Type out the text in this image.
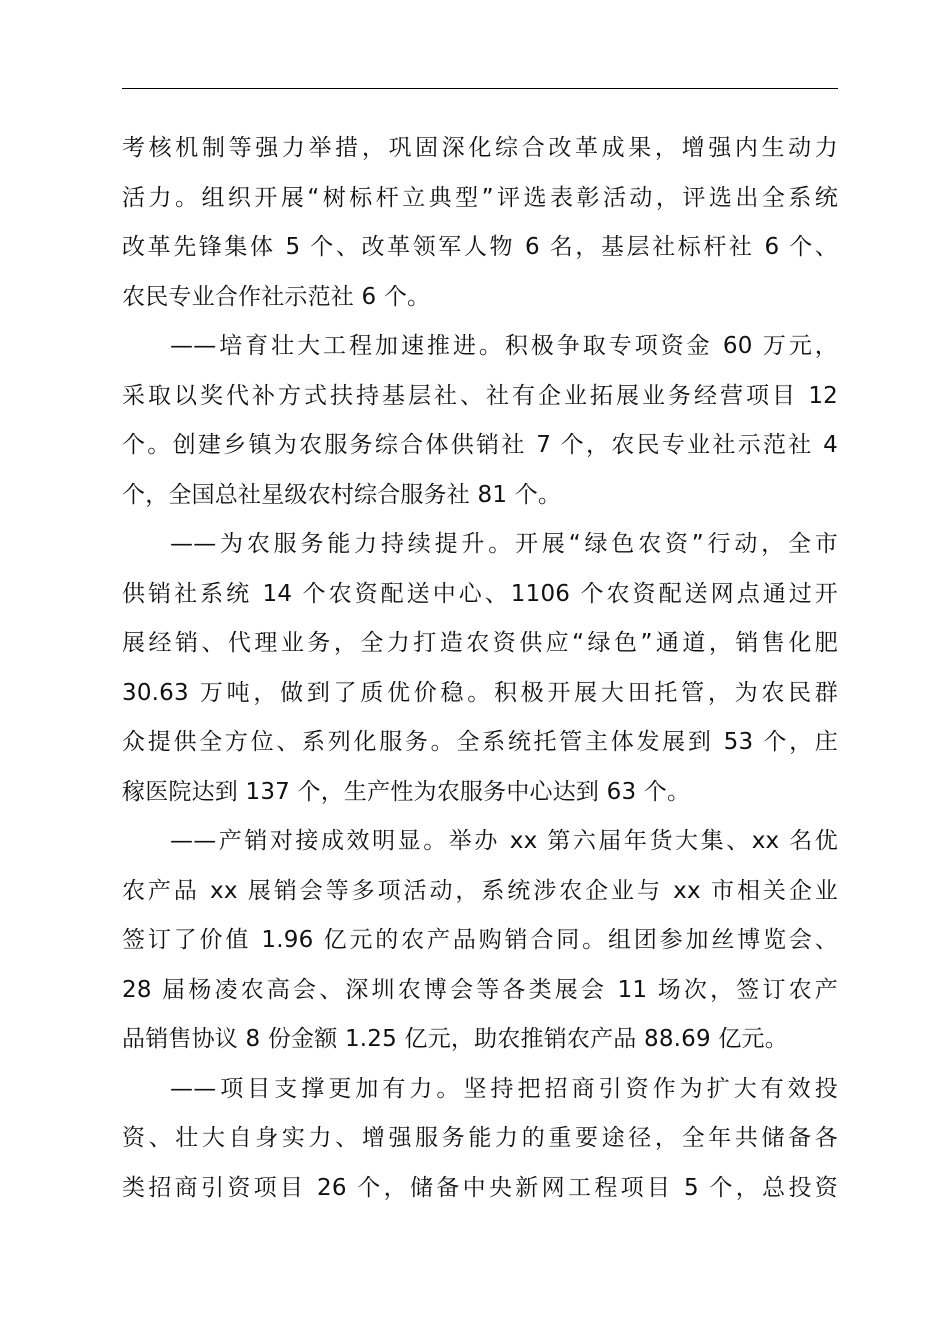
考核机制等强力举措，巩固深化综合改革成果，增强内生动力
活力。组织开展“树标杆立典型”评选表彰活动，评选出全系统
改革先锋集体 5 个、改革领军人物 6 名，基层社标杆社 6 个、
农民专业合作社示范社 6 个。
——培育壮大工程加速推进。积极争取专项资金 60 万元，
采取以奖代补方式扶持基层社、社有企业拓展业务经营项目 12
个。创建乡镇为农服务综合体供销社 7 个，农民专业社示范社 4
个，全国总社星级农村综合服务社 81 个。
——为农服务能力持续提升。开展“绿色农资”行动，全市
供销社系统 14 个农资配送中心、1106 个农资配送网点通过开
展经销、代理业务，全力打造农资供应“绿色”通道，销售化肥
30.63 万吨，做到了质优价稳。积极开展大田托管，为农民群
众提供全方位、系列化服务。全系统托管主体发展到 53 个，庄
稼医院达到 137 个，生产性为农服务中心达到 63 个。
——产销对接成效明显。举办 xx 第六届年货大集、xx 名优
农产品 xx 展销会等多项活动，系统涉农企业与 xx 市相关企业
签订了价值 1.96 亿元的农产品购销合同。组团参加丝博览会、
28 届杨凌农高会、深圳农博会等各类展会 11 场次，签订农产
品销售协议 8 份金额 1.25 亿元，助农推销农产品 88.69 亿元。
——项目支撑更加有力。坚持把招商引资作为扩大有效投
资、壮大自身实力、增强服务能力的重要途径，全年共储备各
类招商引资项目 26 个，储备中央新网工程项目 5 个，总投资
